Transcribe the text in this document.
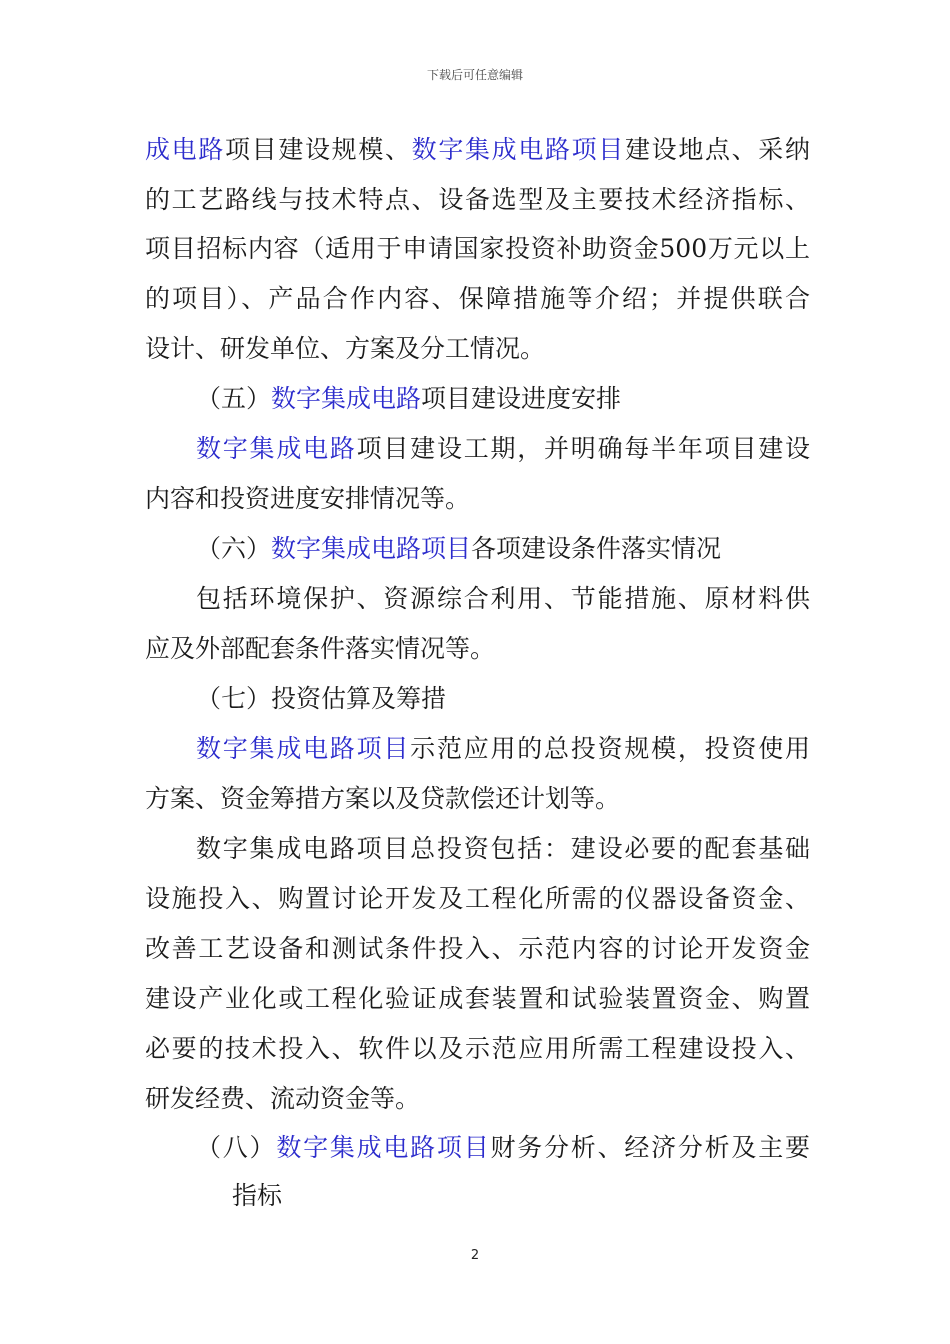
下载后可任意编辑
成电路项目建设规模、数字集成电路项目建设地点、采纳
的工艺路线与技术特点、设备选型及主要技术经济指标、
项目招标内容（适用于申请国家投资补助资金500万元以上
的项目）、产品合作内容、保障措施等介绍；并提供联合
设计、研发单位、方案及分工情况。
（五）数字集成电路项目建设进度安排
数字集成电路项目建设工期，并明确每半年项目建设
内容和投资进度安排情况等。
（六）数字集成电路项目各项建设条件落实情况
包括环境保护、资源综合利用、节能措施、原材料供
应及外部配套条件落实情况等。
（七）投资估算及筹措
数字集成电路项目示范应用的总投资规模，投资使用
方案、资金筹措方案以及贷款偿还计划等。
数字集成电路项目总投资包括：建设必要的配套基础
设施投入、购置讨论开发及工程化所需的仪器设备资金、
改善工艺设备和测试条件投入、示范内容的讨论开发资金
建设产业化或工程化验证成套装置和试验装置资金、购置
必要的技术投入、软件以及示范应用所需工程建设投入、
研发经费、流动资金等。
（八）数字集成电路项目财务分析、经济分析及主要
指标
2
